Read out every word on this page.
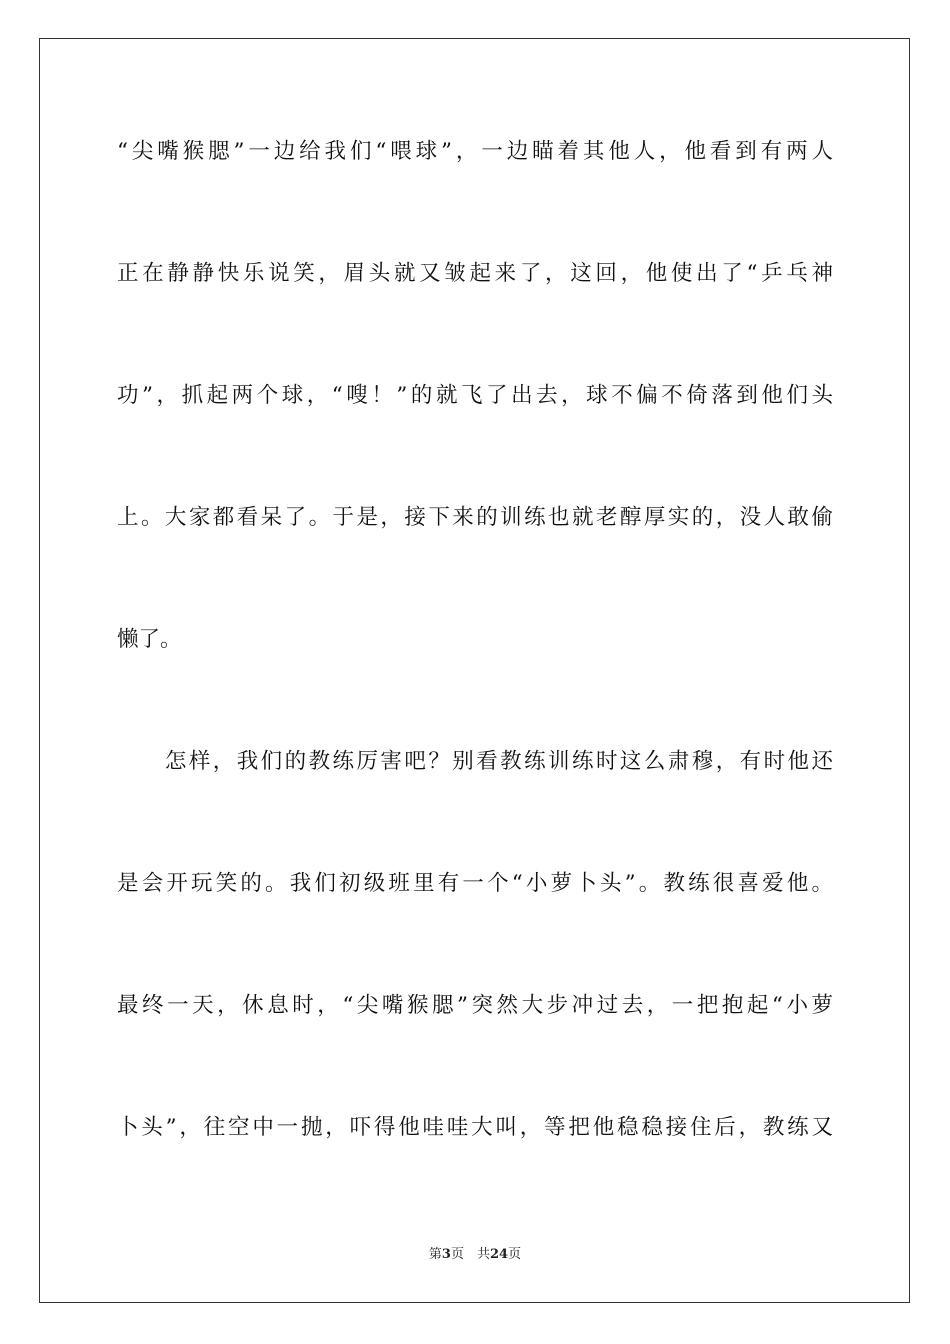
“尖嘴猴腮”一边给我们“喂球”，一边瞄着其他人，他看到有两人
正在静静快乐说笑，眉头就又皱起来了，这回，他使出了“乒乓神
功”，抓起两个球，“嗖！”的就飞了出去，球不偏不倚落到他们头
上。大家都看呆了。于是，接下来的训练也就老醇厚实的，没人敢偷
懒了。
　　怎样，我们的教练厉害吧？别看教练训练时这么肃穆，有时他还
是会开玩笑的。我们初级班里有一个“小萝卜头”。教练很喜爱他。
最终一天，休息时，“尖嘴猴腮”突然大步冲过去，一把抱起“小萝
卜头”，往空中一抛，吓得他哇哇大叫，等把他稳稳接住后，教练又
第3页  共24页
